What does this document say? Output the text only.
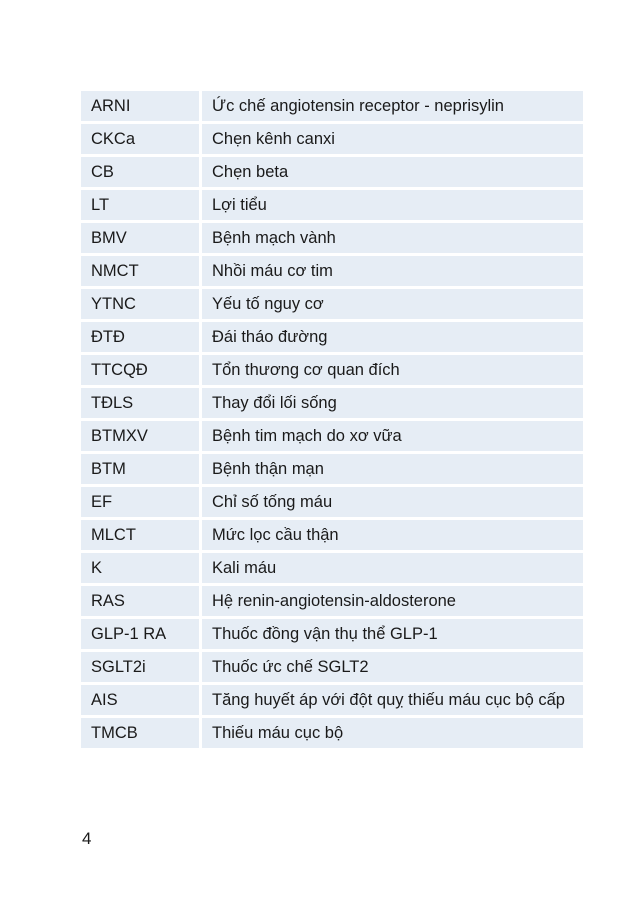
ARNI	Ức chế angiotensin receptor - neprisylin
CKCa	Chẹn kênh canxi
CB	Chẹn beta
LT	Lợi tiểu
BMV	Bệnh mạch vành
NMCT	Nhồi máu cơ tim
YTNC	Yếu tố nguy cơ
ĐTĐ	Đái tháo đường
TTCQĐ	Tổn thương cơ quan đích
TĐLS	Thay đổi lối sống
BTMXV	Bệnh tim mạch do xơ vữa
BTM	Bệnh thận mạn
EF	Chỉ số tống máu
MLCT	Mức lọc cầu thận
K	Kali máu
RAS	Hệ renin-angiotensin-aldosterone
GLP-1 RA	Thuốc đồng vận thụ thể GLP-1
SGLT2i	Thuốc ức chế SGLT2
AIS	Tăng huyết áp với đột quỵ thiếu máu cục bộ cấp
TMCB	Thiếu máu cục bộ
4
